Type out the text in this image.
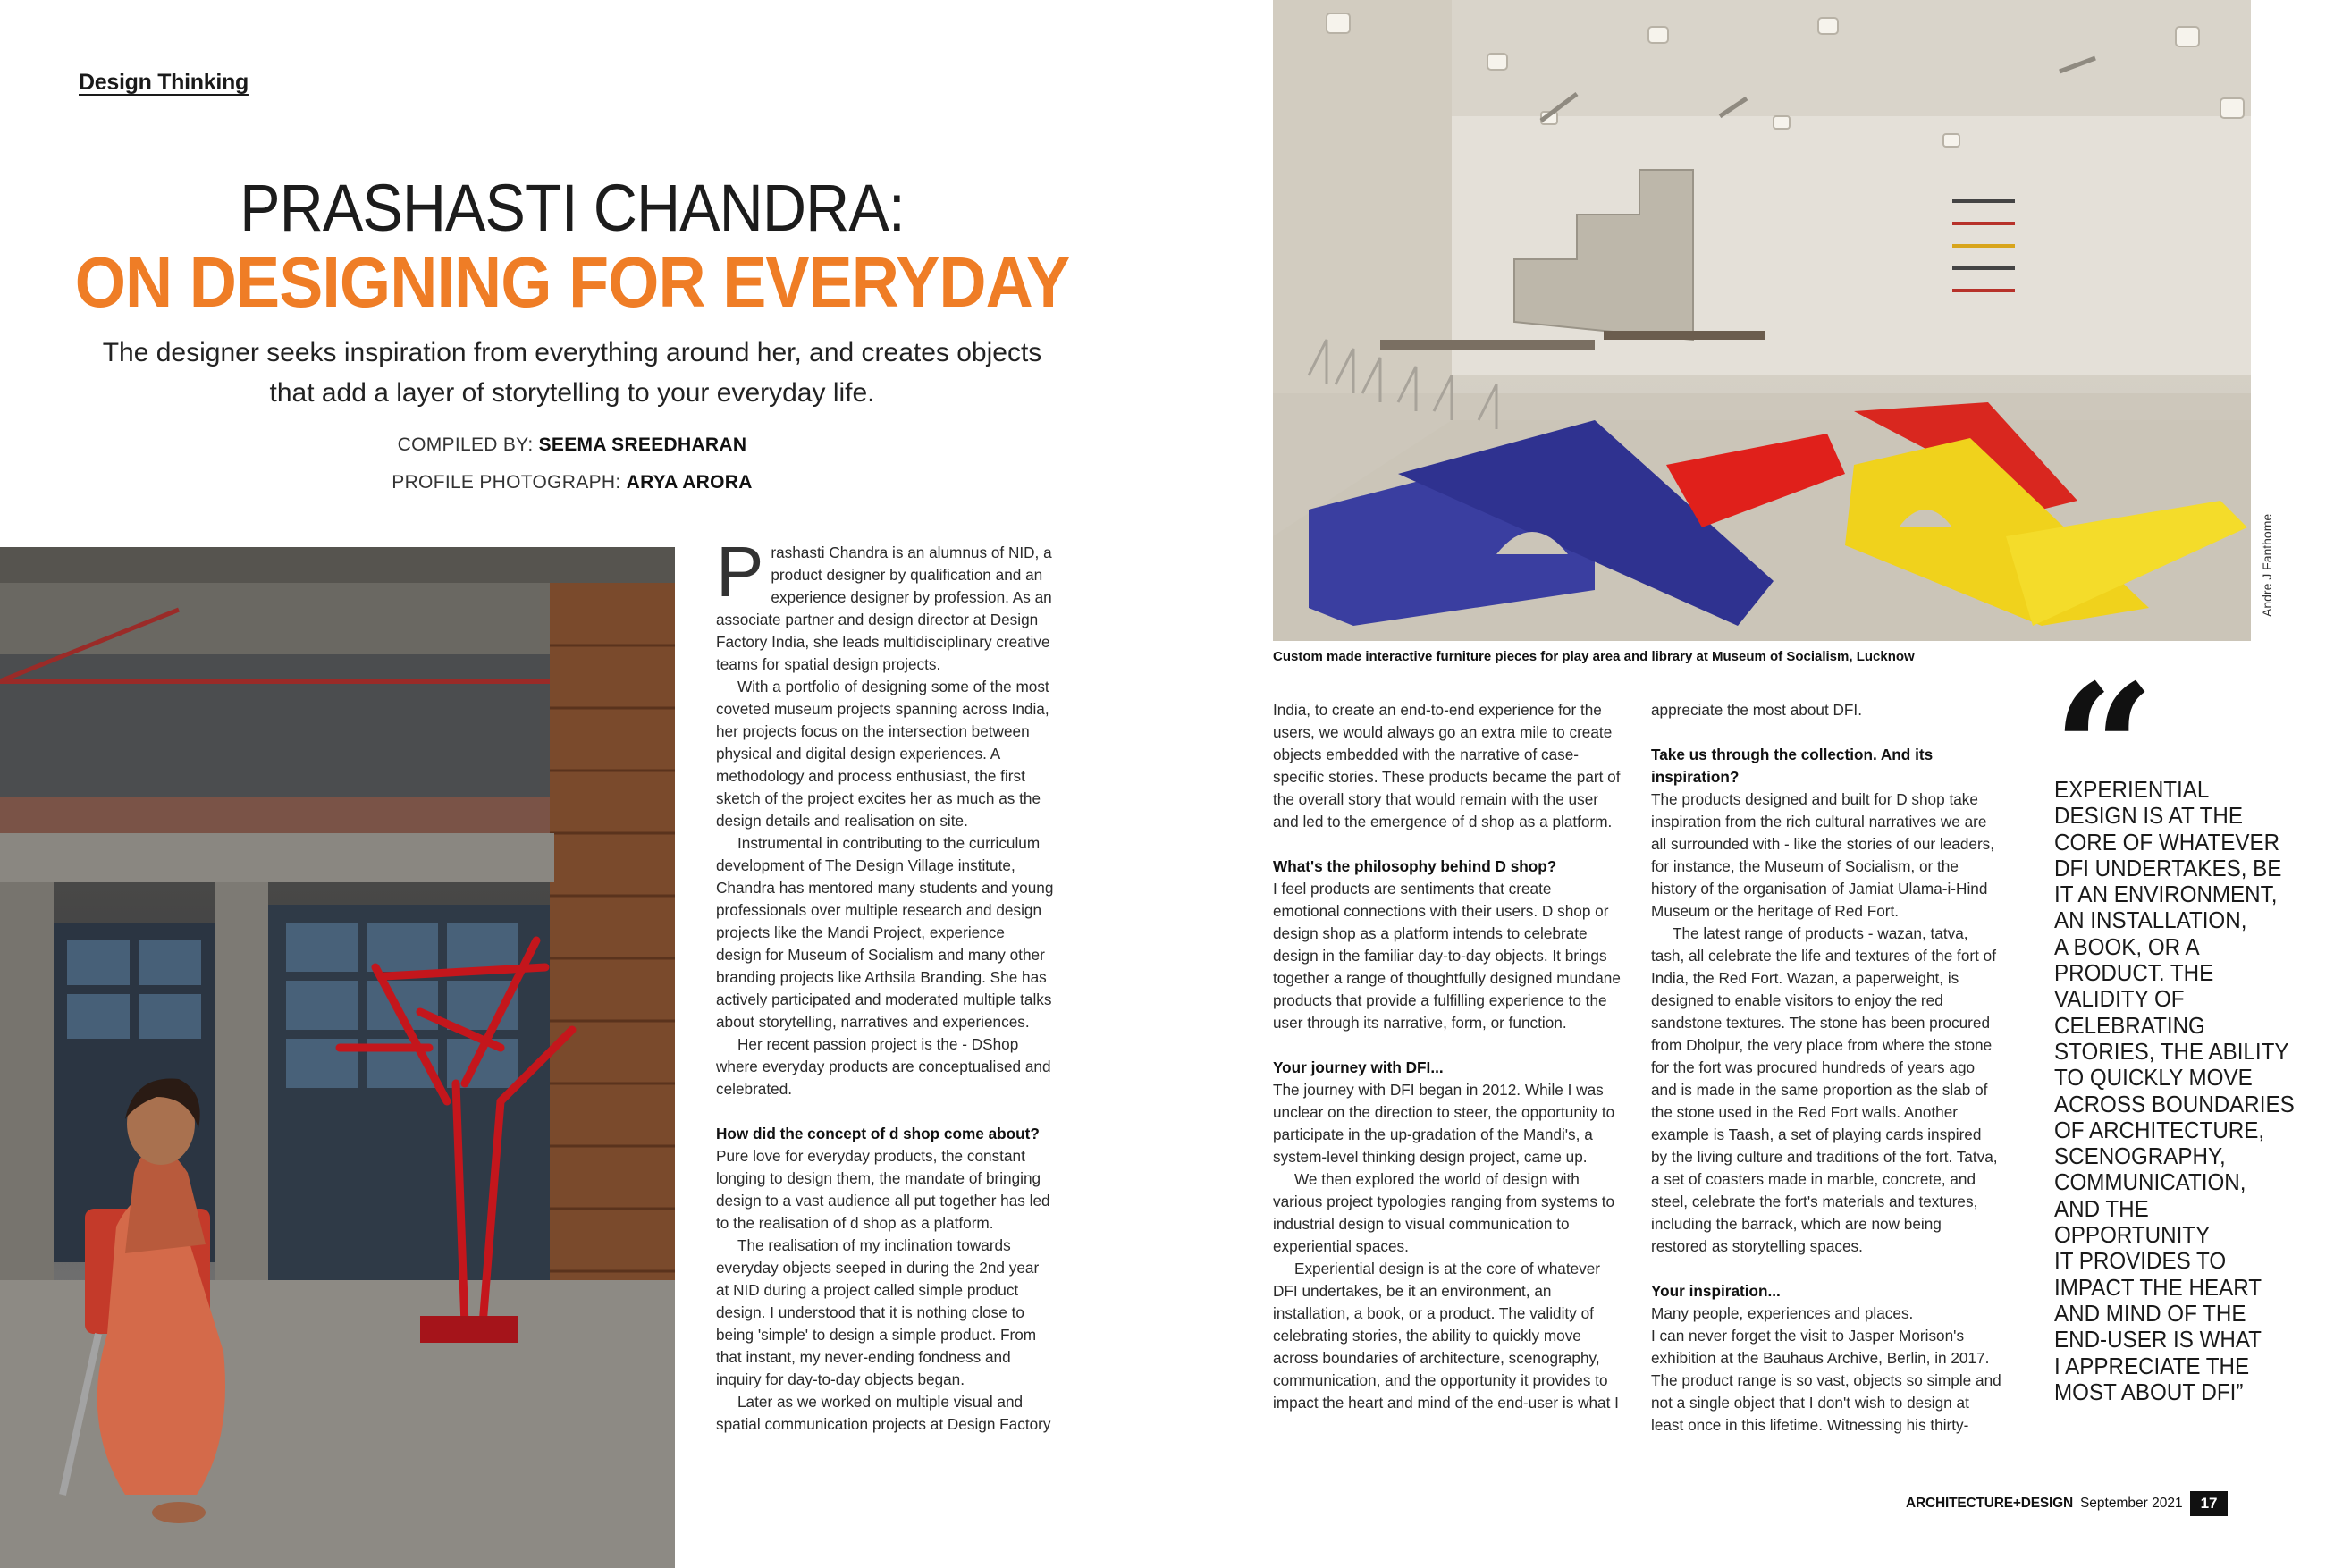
Design Thinking
PRASHASTI CHANDRA:
ON DESIGNING FOR EVERYDAY
The designer seeks inspiration from everything around her, and creates objects
that add a layer of storytelling to your everyday life.
COMPILED BY: SEEMA SREEDHARAN
PROFILE PHOTOGRAPH: ARYA ARORA
Custom made interactive furniture pieces for play area and library at Museum of Socialism, Lucknow
Andre J Fanthome
P rashasti Chandra is an alumnus of NID, a product designer by qualification and an experience designer by profession. As an associate partner and design director at Design Factory India, she leads multidisciplinary creative teams for spatial design projects.

With a portfolio of designing some of the most coveted museum projects spanning across India, her projects focus on the intersection between physical and digital design experiences. A methodology and process enthusiast, the first sketch of the project excites her as much as the design details and realisation on site.

Instrumental in contributing to the curriculum development of The Design Village institute, Chandra has mentored many students and young professionals over multiple research and design projects like the Mandi Project, experience design for Museum of Socialism and many other branding projects like Arthsila Branding. She has actively participated and moderated multiple talks about storytelling, narratives and experiences.

Her recent passion project is the - DShop where everyday products are conceptualised and celebrated.

How did the concept of d shop come about?

Pure love for everyday products, the constant longing to design them, the mandate of bringing design to a vast audience all put together has led to the realisation of d shop as a platform.

The realisation of my inclination towards everyday objects seeped in during the 2nd year at NID during a project called simple product design. I understood that it is nothing close to being 'simple' to design a simple product. From that instant, my never-ending fondness and inquiry for day-to-day objects began.

Later as we worked on multiple visual and spatial communication projects at Design Factory

India, to create an end-to-end experience for the users, we would always go an extra mile to create objects embedded with the narrative of case-specific stories. These products became the part of the overall story that would remain with the user and led to the emergence of d shop as a platform.

What's the philosophy behind D shop?

I feel products are sentiments that create emotional connections with their users. D shop or design shop as a platform intends to celebrate design in the familiar day-to-day objects. It brings together a range of thoughtfully designed mundane products that provide a fulfilling experience to the user through its narrative, form, or function.

Your journey with DFI...

The journey with DFI began in 2012. While I was unclear on the direction to steer, the opportunity to participate in the up-gradation of the Mandi's, a system-level thinking design project, came up.

We then explored the world of design with various project typologies ranging from systems to industrial design to visual communication to experiential spaces.

Experiential design is at the core of whatever DFI undertakes, be it an environment, an installation, a book, or a product. The validity of celebrating stories, the ability to quickly move across boundaries of architecture, scenography, communication, and the opportunity it provides to impact the heart and mind of the end-user is what I

appreciate the most about DFI.

Take us through the collection. And its inspiration?

The products designed and built for D shop take inspiration from the rich cultural narratives we are all surrounded with - like the stories of our leaders, for instance, the Museum of Socialism, or the history of the organisation of Jamiat Ulama-i-Hind Museum or the heritage of Red Fort.

The latest range of products - wazan, tatva, tash, all celebrate the life and textures of the fort of India, the Red Fort. Wazan, a paperweight, is designed to enable visitors to enjoy the red sandstone textures. The stone has been procured from Dholpur, the very place from where the stone for the fort was procured hundreds of years ago and is made in the same proportion as the slab of the stone used in the Red Fort walls. Another example is Taash, a set of playing cards inspired by the living culture and traditions of the fort. Tatva, a set of coasters made in marble, concrete, and steel, celebrate the fort's materials and textures, including the barrack, which are now being restored as storytelling spaces.

Your inspiration...

Many people, experiences and places.

I can never forget the visit to Jasper Morison's exhibition at the Bauhaus Archive, Berlin, in 2017. The product range is so vast, objects so simple and not a single object that I don't wish to design at least once in this lifetime. Witnessing his thirty-

EXPERIENTIAL
DESIGN IS AT THE
CORE OF WHATEVER
DFI UNDERTAKES, BE
IT AN ENVIRONMENT,
AN INSTALLATION,
A BOOK, OR A
PRODUCT. THE
VALIDITY OF
CELEBRATING
STORIES, THE ABILITY
TO QUICKLY MOVE
ACROSS BOUNDARIES
OF ARCHITECTURE,
SCENOGRAPHY,
COMMUNICATION,
AND THE
OPPORTUNITY
IT PROVIDES TO
IMPACT THE HEART
AND MIND OF THE
END-USER IS WHAT
I APPRECIATE THE
MOST ABOUT DFI”
ARCHITECTURE+DESIGN September 2021	17
